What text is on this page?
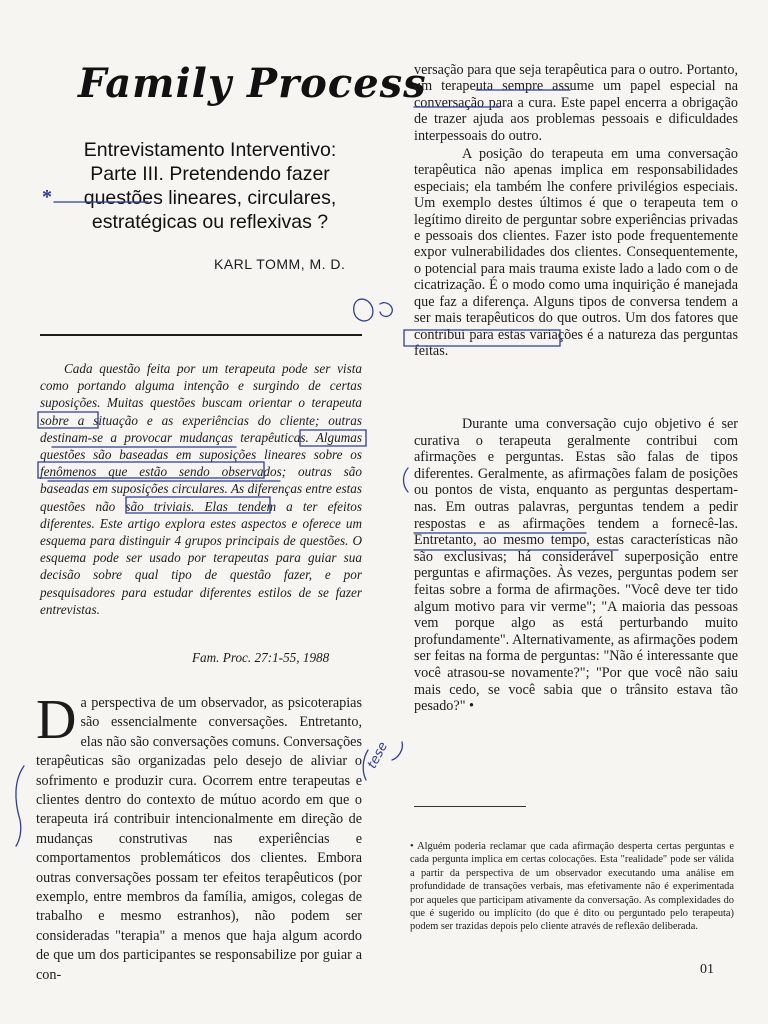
Family Process
*
Entrevistamento Interventivo:
Parte III. Pretendendo fazer
questões lineares, circulares,
estratégicas ou reflexivas ?
KARL TOMM, M. D.

Cada questão feita por um terapeuta pode ser vista como portando alguma intenção e surgindo de certas suposições. Muitas questões buscam orientar o terapeuta sobre a situação e as experiências do cliente; outras destinam-se a provocar mudanças terapêuticas. Algumas questões são baseadas em suposições lineares sobre os fenômenos que estão sendo observados; outras são baseadas em suposições circulares. As diferenças entre estas questões não são triviais. Elas tendem a ter efeitos diferentes. Este artigo explora estes aspectos e oferece um esquema para distinguir 4 grupos principais de questões. O esquema pode ser usado por terapeutas para guiar sua decisão sobre qual tipo de questão fazer, e por pesquisadores para estudar diferentes estilos de se fazer entrevistas.

Fam. Proc. 27:1-55, 1988
D a perspectiva de um observador, as psicoterapias são essencialmente conversações. Entretanto, elas não são conversações comuns. Conversações terapêuticas são organizadas pelo desejo de aliviar o sofrimento e produzir cura. Ocorrem entre terapeutas e clientes dentro do contexto de mútuo acordo em que o terapeuta irá contribuir intencionalmente em direção de mudanças construtivas nas experiências e comportamentos problemáticos dos clientes. Embora outras conversações possam ter efeitos terapêuticos (por exemplo, entre membros da família, amigos, colegas de trabalho e mesmo estranhos), não podem ser consideradas "terapia" a menos que haja algum acordo de que um dos participantes se responsabilize por guiar a con-

versação para que seja terapêutica para o outro. Portanto, um terapeuta sempre assume um papel especial na conversação para a cura. Este papel encerra a obrigação de trazer ajuda aos problemas pessoais e dificuldades interpessoais do outro.

A posição do terapeuta em uma conversação terapêutica não apenas implica em responsabilidades especiais; ela também lhe confere privilégios especiais. Um exemplo destes últimos é que o terapeuta tem o legítimo direito de perguntar sobre experiências privadas e pessoais dos clientes. Fazer isto pode frequentemente expor vulnerabilidades dos clientes. Consequentemente, o potencial para mais trauma existe lado a lado com o de cicatrização. É o modo como uma inquirição é manejada que faz a diferença. Alguns tipos de conversa tendem a ser mais terapêuticos do que outros. Um dos fatores que contribui para estas variações é a natureza das perguntas feitas.

Durante uma conversação cujo objetivo é ser curativa o terapeuta geralmente contribui com afirmações e perguntas. Estas são falas de tipos diferentes. Geralmente, as afirmações falam de posições ou pontos de vista, enquanto as perguntas despertam-nas. Em outras palavras, perguntas tendem a pedir respostas e as afirmações tendem a fornecê-las. Entretanto, ao mesmo tempo, estas características não são exclusivas; há considerável superposição entre perguntas e afirmações. Às vezes, perguntas podem ser feitas sobre a forma de afirmações. "Você deve ter tido algum motivo para vir verme"; "A maioria das pessoas vem porque algo as está perturbando muito profundamente". Alternativamente, as afirmações podem ser feitas na forma de perguntas: "Não é interessante que você atrasou-se novamente?"; "Por que você não saiu mais cedo, se você sabia que o trânsito estava tão pesado?" •

• Alguém poderia reclamar que cada afirmação desperta certas perguntas e cada pergunta implica em certas colocações. Esta "realidade" pode ser válida a partir da perspectiva de um observador executando uma análise em profundidade de transações verbais, mas efetivamente não é experimentada por aqueles que participam ativamente da conversação. As complexidades do que é sugerido ou implícito (do que é dito ou perguntado pelo terapeuta) podem ser trazidas depois pelo cliente através de reflexão deliberada.

01
tese
